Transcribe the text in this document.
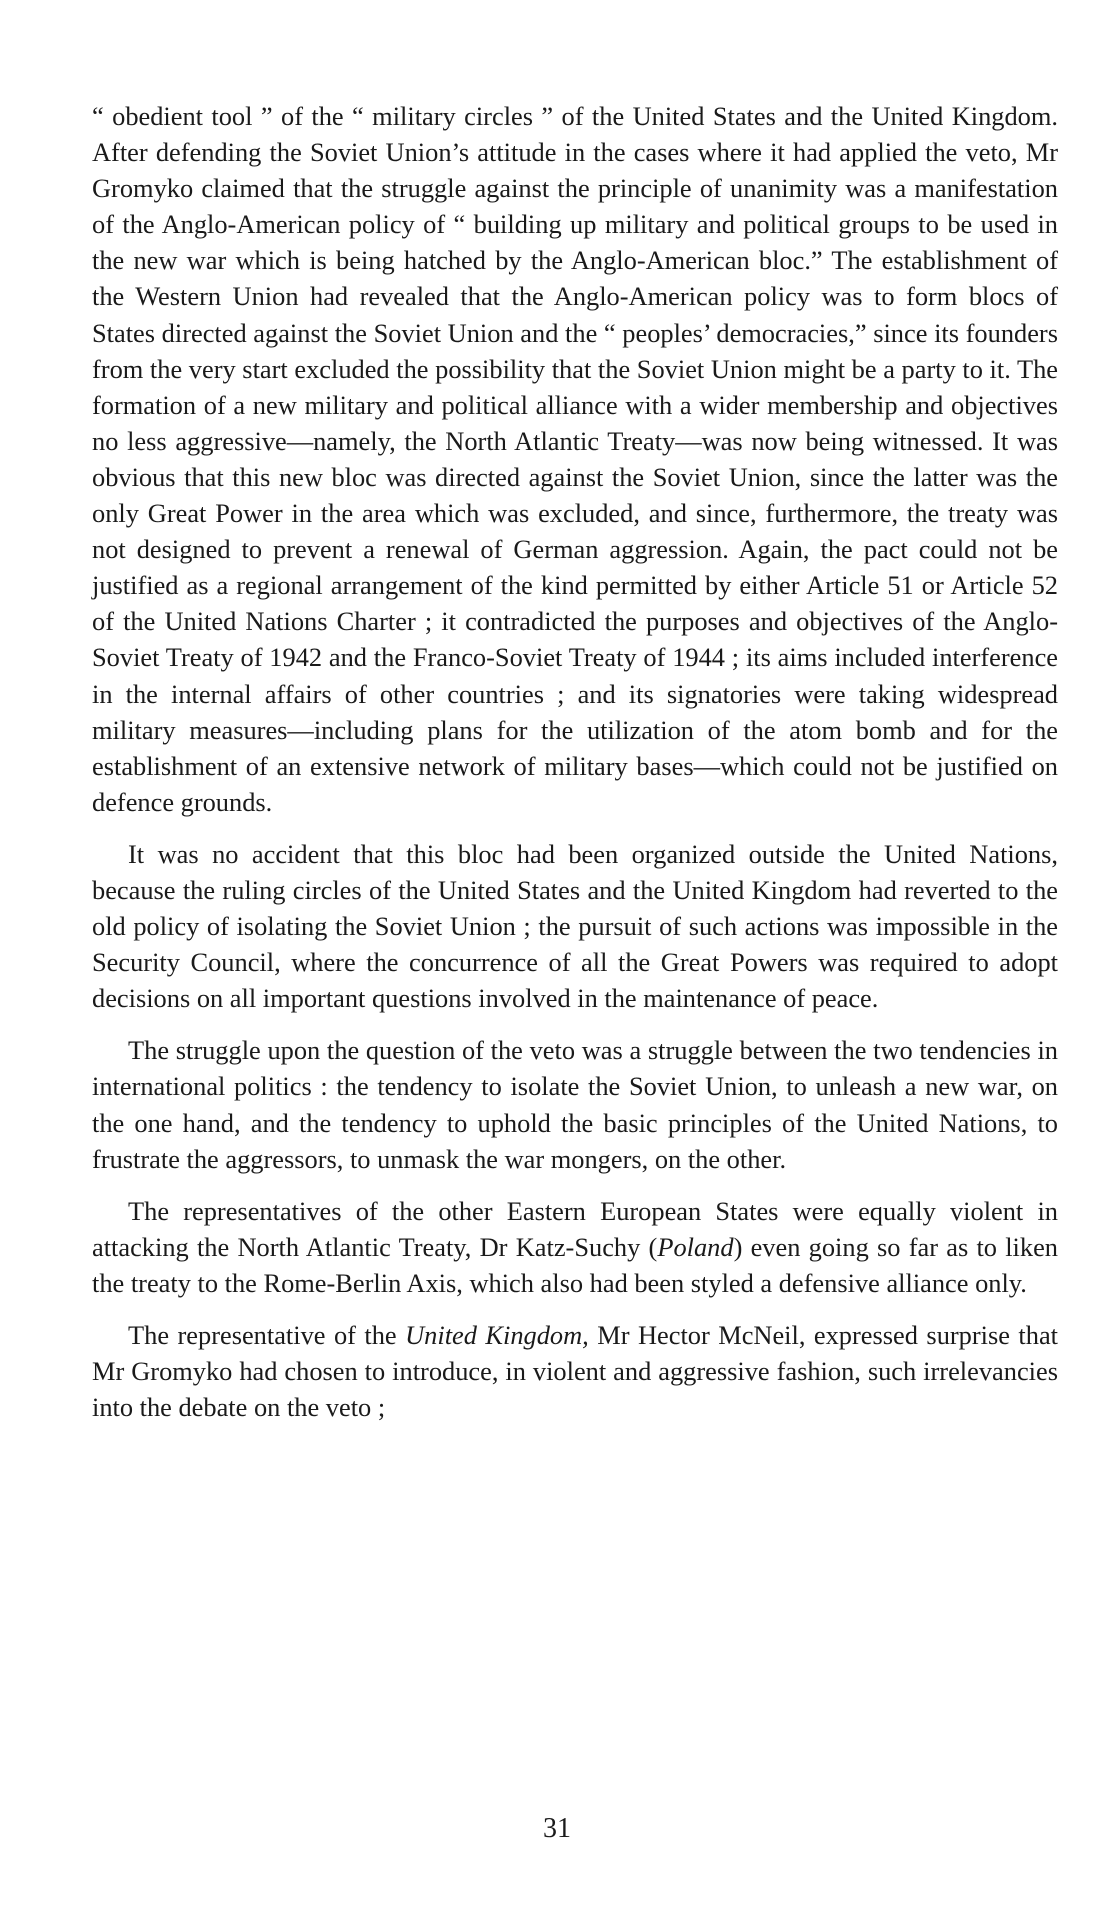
“ obedient tool ” of the “ military circles ” of the United States and the United Kingdom. After defending the Soviet Union’s attitude in the cases where it had applied the veto, Mr Gromyko claimed that the struggle against the principle of unanimity was a manifestation of the Anglo-American policy of “ building up military and political groups to be used in the new war which is being hatched by the Anglo-American bloc.” The establishment of the Western Union had revealed that the Anglo-American policy was to form blocs of States directed against the Soviet Union and the “ peoples’ democracies,” since its founders from the very start excluded the possibility that the Soviet Union might be a party to it. The formation of a new military and political alliance with a wider membership and objectives no less aggressive—namely, the North Atlantic Treaty—was now being witnessed. It was obvious that this new bloc was directed against the Soviet Union, since the latter was the only Great Power in the area which was excluded, and since, furthermore, the treaty was not designed to prevent a renewal of German aggression. Again, the pact could not be justified as a regional arrangement of the kind permitted by either Article 51 or Article 52 of the United Nations Charter ; it contradicted the purposes and objectives of the Anglo-Soviet Treaty of 1942 and the Franco-Soviet Treaty of 1944 ; its aims included interference in the internal affairs of other countries ; and its signatories were taking widespread military measures—including plans for the utilization of the atom bomb and for the establishment of an extensive network of military bases—which could not be justified on defence grounds.

It was no accident that this bloc had been organized outside the United Nations, because the ruling circles of the United States and the United Kingdom had reverted to the old policy of isolating the Soviet Union ; the pursuit of such actions was impossible in the Security Council, where the concurrence of all the Great Powers was required to adopt decisions on all important questions involved in the maintenance of peace.

The struggle upon the question of the veto was a struggle between the two tendencies in international politics : the tendency to isolate the Soviet Union, to unleash a new war, on the one hand, and the tendency to uphold the basic principles of the United Nations, to frustrate the aggressors, to unmask the war mongers, on the other.

The representatives of the other Eastern European States were equally violent in attacking the North Atlantic Treaty, Dr Katz-Suchy (Poland) even going so far as to liken the treaty to the Rome-Berlin Axis, which also had been styled a defensive alliance only.

The representative of the United Kingdom, Mr Hector McNeil, expressed surprise that Mr Gromyko had chosen to introduce, in violent and aggressive fashion, such irrelevancies into the debate on the veto ;

31
